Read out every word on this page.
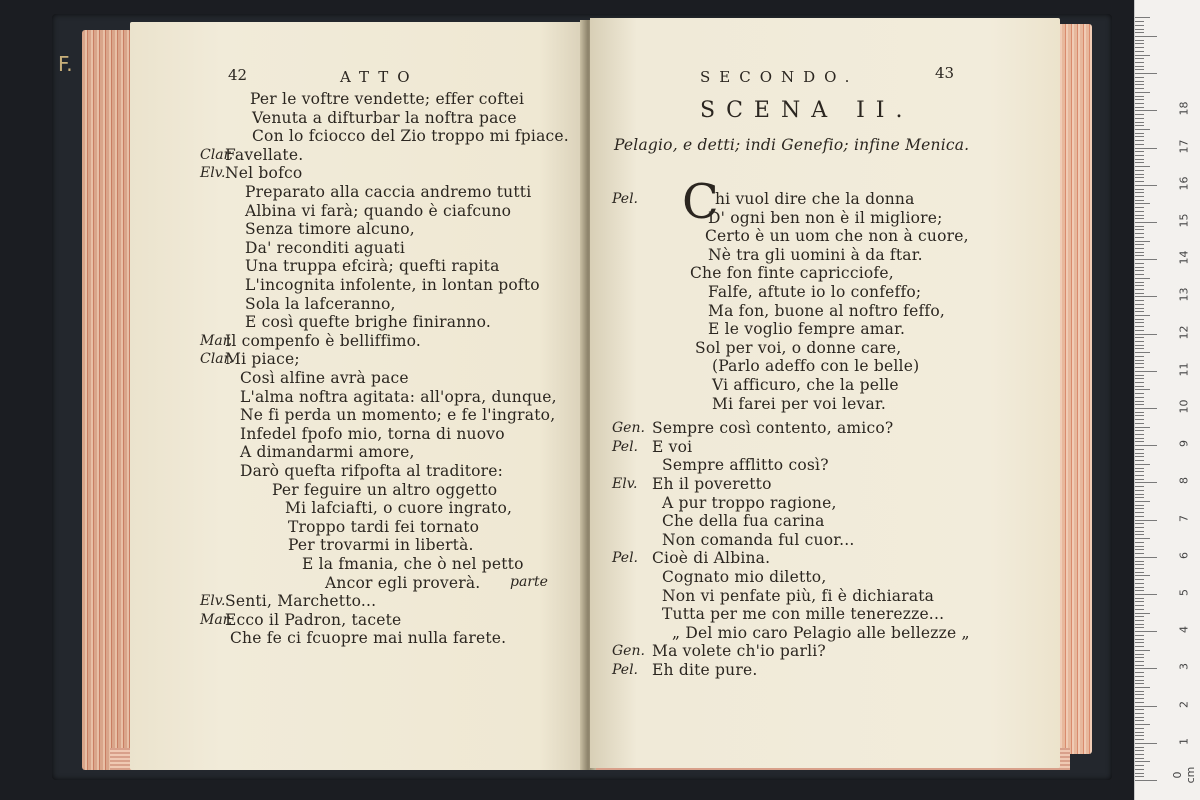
F.	42	ATTO
Per le voftre vendette; effer coftei
Venuta a difturbar la noftra pace
Con lo fciocco del Zio troppo mi fpiace.
Clar.
Favellate.
Elv. Nel bofco
Preparato alla caccia andremo tutti
Albina vi farà; quando è ciafcuno
Senza timore alcuno,
Da' reconditi aguati
Una truppa efcirà; quefti rapita
L'incognita infolente, in lontan pofto
Sola la lafceranno,
E così quefte brighe finiranno.
Mar.
Il compenfo è belliffimo.
Clar.
Mi piace;
Così alfine avrà pace
L'alma noftra agitata: all'opra, dunque,
Ne fi perda un momento; e fe l'ingrato,
Infedel fpofo mio, torna di nuovo
A dimandarmi amore,
Darò quefta rifpofta al traditore:
Per feguire un altro oggetto
Mi lafciafti, o cuore ingrato,
Troppo tardi fei tornato
Per trovarmi in libertà.
E la fmania, che ò nel petto
Ancor egli proverà.
Elv. Senti, Marchetto...
Mar.
Ecco il Padron, tacete
Che fe ci fcuopre mai nulla farete.
parte
SECONDO.	43
SCENA II.
Pelagio, e detti; indi Genefio; infine Menica.
C
Pel.	hi vuol dire che la donna
D' ogni ben non è il migliore;
Certo è un uom che non à cuore,
Nè tra gli uomini à da ftar.
Che fon finte capricciofe,
Falfe, aftute io lo confeffo;
Ma fon, buone al noftro feffo,
E le voglio fempre amar.
Sol per voi, o donne care,
(Parlo adeffo con le belle)
Vi afficuro, che la pelle
Mi farei per voi levar.
Gen. Sempre così contento, amico?
Pel. E voi
Sempre afflitto così?
Elv. Eh il poveretto
A pur troppo ragione,
Che della fua carina
Non comanda ful cuor...
Pel. Cioè di Albina.
Cognato mio diletto,
Non vi penfate più, fi è dichiarata
Tutta per me con mille tenerezze...
„ Del mio caro Pelagio alle bellezze „
Gen. Ma volete ch'io parli?
Pel. Eh dite pure.
0 cm
1
2
3
4
5
6
7
8
9
10
11
12
13
14
15
16
17
18
